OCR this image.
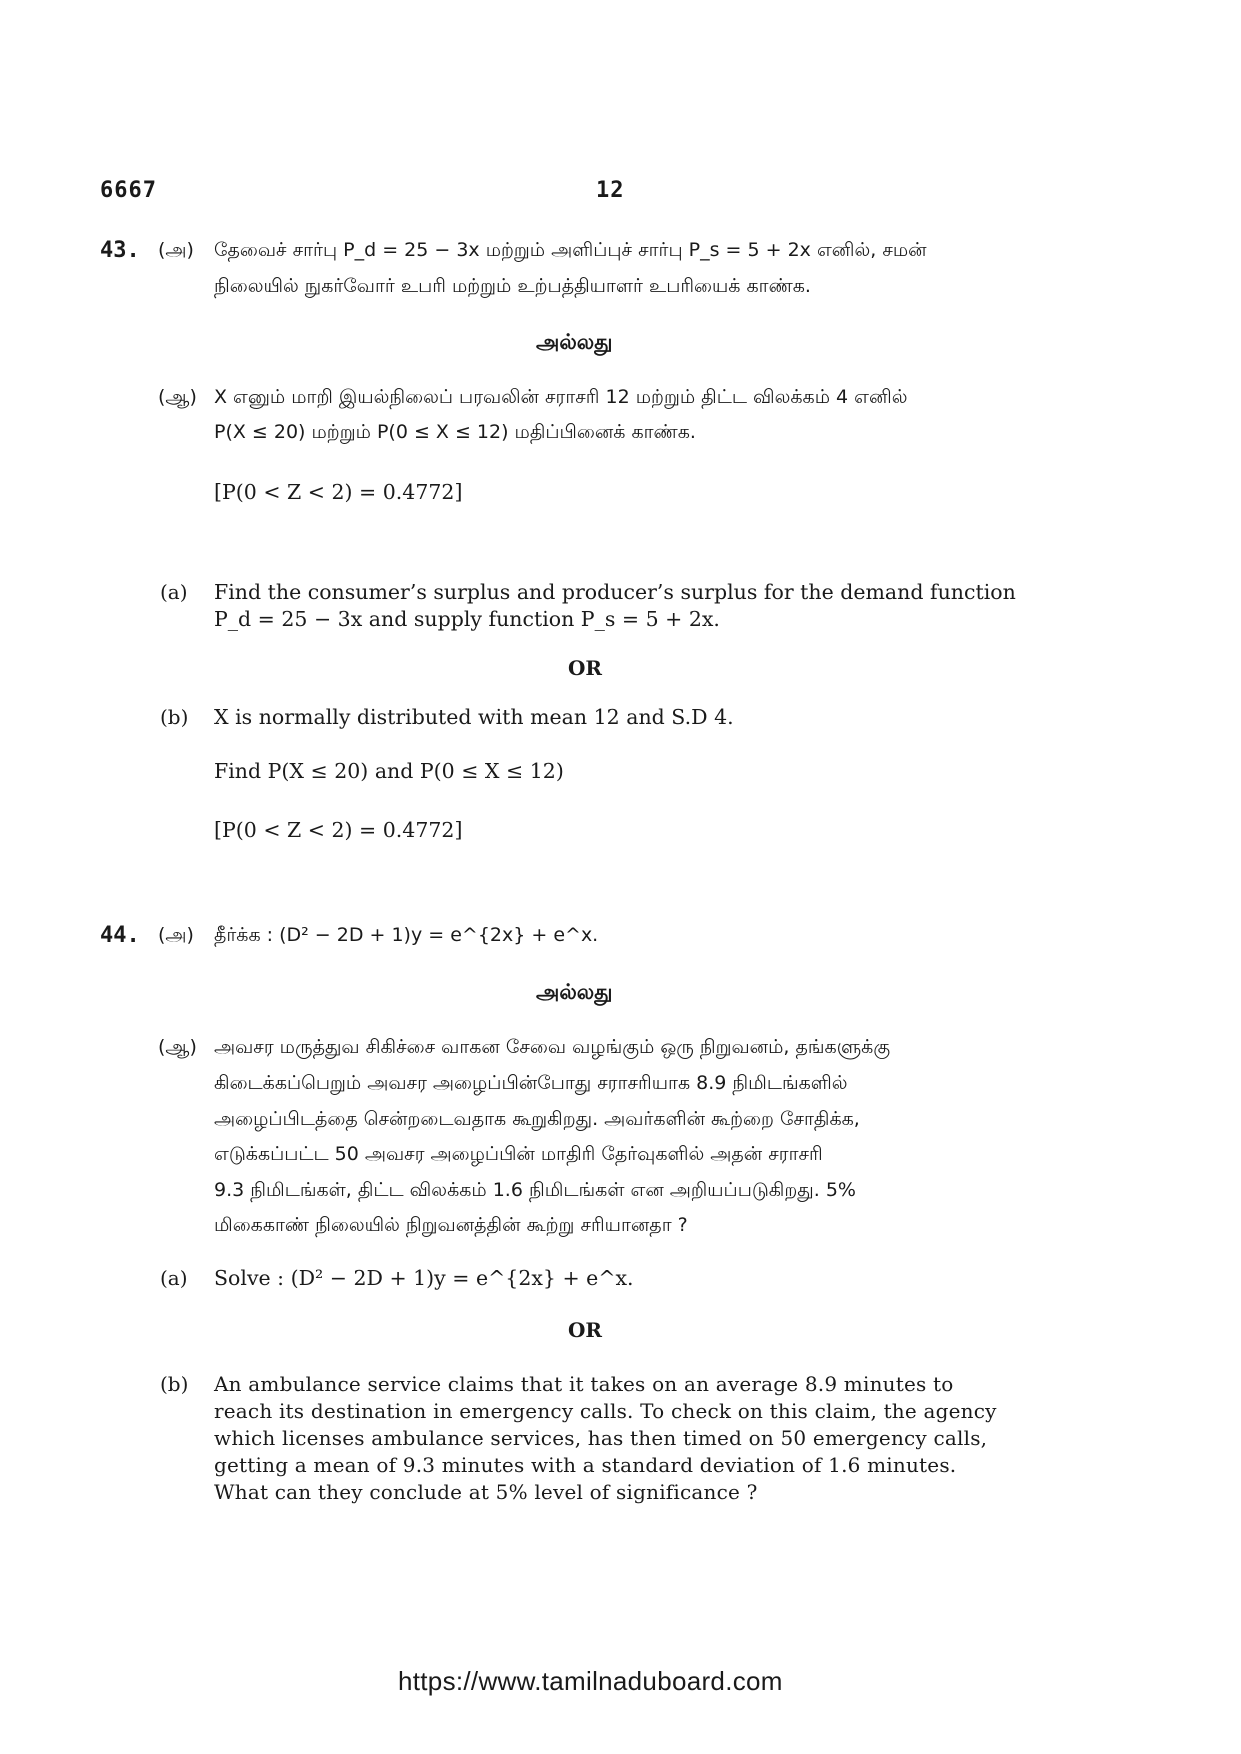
6667	12
43. (அ) தேவைச் சார்பு P_d = 25 − 3x மற்றும் அளிப்புச் சார்பு P_s = 5 + 2x எனில், சமன்
நிலையில் நுகர்வோர் உபரி மற்றும் உற்பத்தியாளர் உபரியைக் காண்க.
அல்லது
(ஆ) X எனும் மாறி இயல்நிலைப் பரவலின் சராசரி 12 மற்றும் திட்ட விலக்கம் 4 எனில்
P(X ≤ 20) மற்றும் P(0 ≤ X ≤ 12) மதிப்பினைக் காண்க.
[P(0 < Z < 2) = 0.4772]
(a) Find the consumer’s surplus and producer’s surplus for the demand function
P_d = 25 − 3x and supply function P_s = 5 + 2x.
OR
(b) X is normally distributed with mean 12 and S.D 4.
Find P(X ≤ 20) and P(0 ≤ X ≤ 12)
[P(0 < Z < 2) = 0.4772]
44. (அ) தீர்க்க : (D² − 2D + 1)y = e^{2x} + e^x.
அல்லது
(ஆ) அவசர மருத்துவ சிகிச்சை வாகன சேவை வழங்கும் ஒரு நிறுவனம், தங்களுக்கு
கிடைக்கப்பெறும் அவசர அழைப்பின்போது சராசரியாக 8.9 நிமிடங்களில்
அழைப்பிடத்தை சென்றடைவதாக கூறுகிறது. அவர்களின் கூற்றை சோதிக்க,
எடுக்கப்பட்ட 50 அவசர அழைப்பின் மாதிரி தேர்வுகளில் அதன் சராசரி
9.3 நிமிடங்கள், திட்ட விலக்கம் 1.6 நிமிடங்கள் என அறியப்படுகிறது. 5%
மிகைகாண் நிலையில் நிறுவனத்தின் கூற்று சரியானதா ?
(a) Solve : (D² − 2D + 1)y = e^{2x} + e^x.
OR
(b) An ambulance service claims that it takes on an average 8.9 minutes to
reach its destination in emergency calls. To check on this claim, the agency
which licenses ambulance services, has then timed on 50 emergency calls,
getting a mean of 9.3 minutes with a standard deviation of 1.6 minutes.
What can they conclude at 5% level of significance ?
https://www.tamilnaduboard.com
